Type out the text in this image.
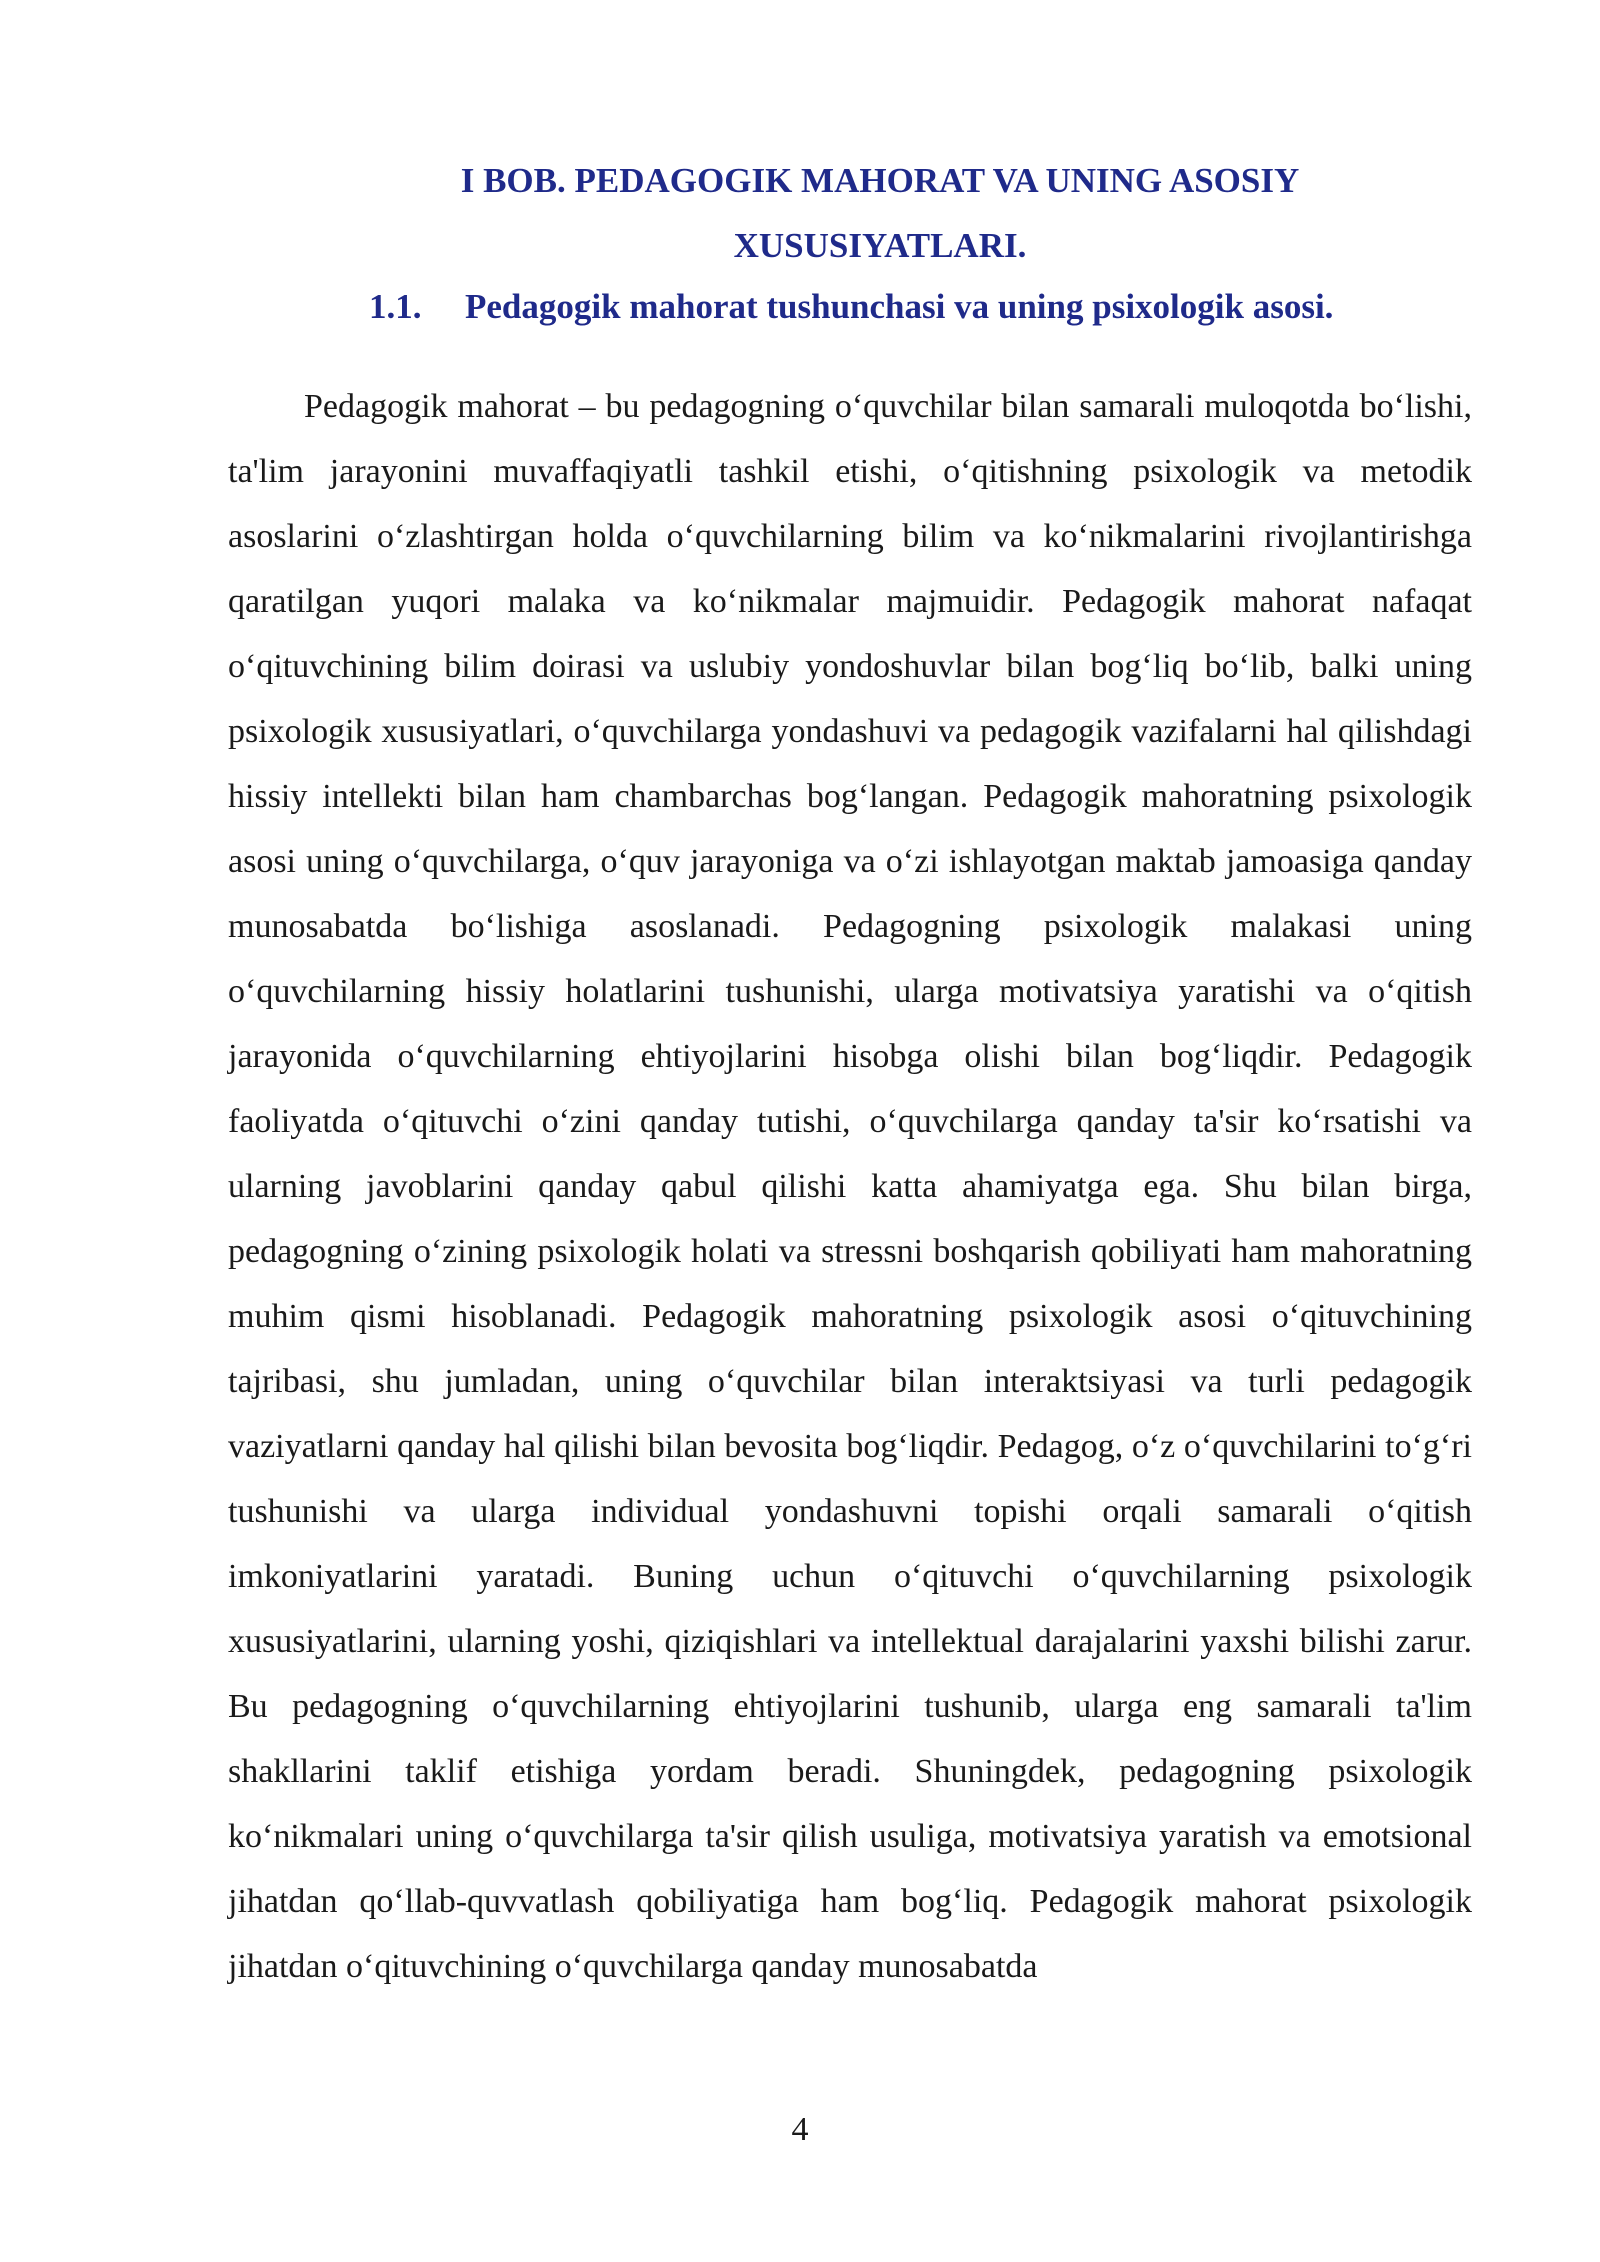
I BOB. PEDAGOGIK MAHORAT VA UNING ASOSIY
XUSUSIYATLARI.
1.1. Pedagogik mahorat tushunchasi va uning psixologik asosi.

Pedagogik mahorat – bu pedagogning o‘quvchilar bilan samarali muloqotda bo‘lishi, ta'lim jarayonini muvaffaqiyatli tashkil etishi, o‘qitishning psixologik va metodik asoslarini o‘zlashtirgan holda o‘quvchilarning bilim va ko‘nikmalarini rivojlantirishga qaratilgan yuqori malaka va ko‘nikmalar majmuidir. Pedagogik mahorat nafaqat o‘qituvchining bilim doirasi va uslubiy yondoshuvlar bilan bog‘liq bo‘lib, balki uning psixologik xususiyatlari, o‘quvchilarga yondashuvi va pedagogik vazifalarni hal qilishdagi hissiy intellekti bilan ham chambarchas bog‘langan. Pedagogik mahoratning psixologik asosi uning o‘quvchilarga, o‘quv jarayoniga va o‘zi ishlayotgan maktab jamoasiga qanday munosabatda bo‘lishiga asoslanadi. Pedagogning psixologik malakasi uning o‘quvchilarning hissiy holatlarini tushunishi, ularga motivatsiya yaratishi va o‘qitish jarayonida o‘quvchilarning ehtiyojlarini hisobga olishi bilan bog‘liqdir. Pedagogik faoliyatda o‘qituvchi o‘zini qanday tutishi, o‘quvchilarga qanday ta'sir ko‘rsatishi va ularning javoblarini qanday qabul qilishi katta ahamiyatga ega. Shu bilan birga, pedagogning o‘zining psixologik holati va stressni boshqarish qobiliyati ham mahoratning muhim qismi hisoblanadi. Pedagogik mahoratning psixologik asosi o‘qituvchining tajribasi, shu jumladan, uning o‘quvchilar bilan interaktsiyasi va turli pedagogik vaziyatlarni qanday hal qilishi bilan bevosita bog‘liqdir. Pedagog, o‘z o‘quvchilarini to‘g‘ri tushunishi va ularga individual yondashuvni topishi orqali samarali o‘qitish imkoniyatlarini yaratadi. Buning uchun o‘qituvchi o‘quvchilarning psixologik xususiyatlarini, ularning yoshi, qiziqishlari va intellektual darajalarini yaxshi bilishi zarur. Bu pedagogning o‘quvchilarning ehtiyojlarini tushunib, ularga eng samarali ta'lim shakllarini taklif etishiga yordam beradi. Shuningdek, pedagogning psixologik ko‘nikmalari uning o‘quvchilarga ta'sir qilish usuliga, motivatsiya yaratish va emotsional jihatdan qo‘llab-quvvatlash qobiliyatiga ham bog‘liq. Pedagogik mahorat psixologik jihatdan o‘qituvchining o‘quvchilarga qanday munosabatda

4
